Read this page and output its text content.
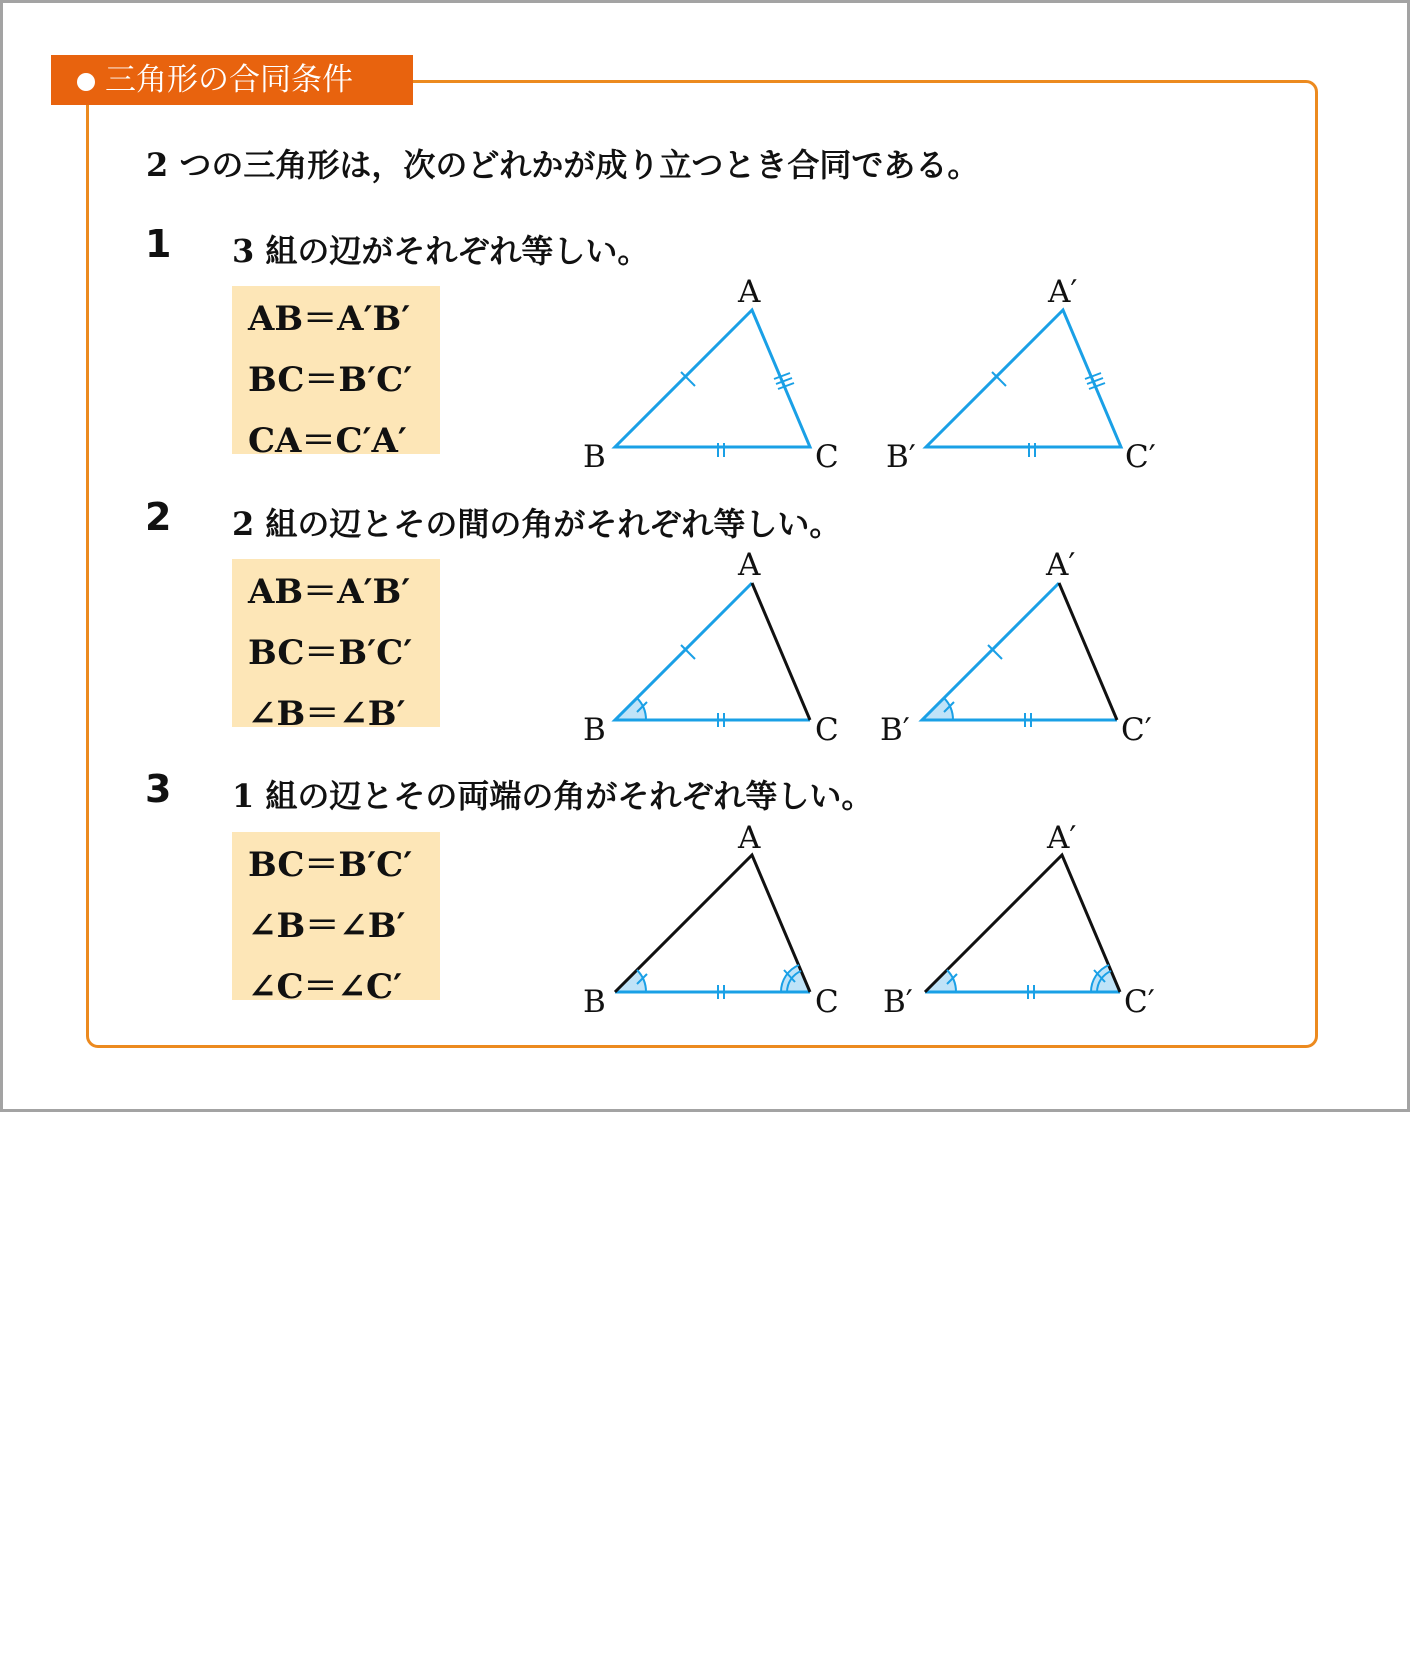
三角形の合同条件
2 つの三角形は，次のどれかが成り立つとき合同である。
1 3 組の辺がそれぞれ等しい。
AB＝A′B′
BC＝B′C′
CA＝C′A′
2 2 組の辺とその間の角がそれぞれ等しい。
AB＝A′B′
BC＝B′C′
∠B＝∠B′
3 1 組の辺とその両端の角がそれぞれ等しい。
BC＝B′C′
∠B＝∠B′
∠C＝∠C′
A
B	C
A′
B′	C′
A
B	C
A′
B′	C′
A
B	C
A′
B′	C′
